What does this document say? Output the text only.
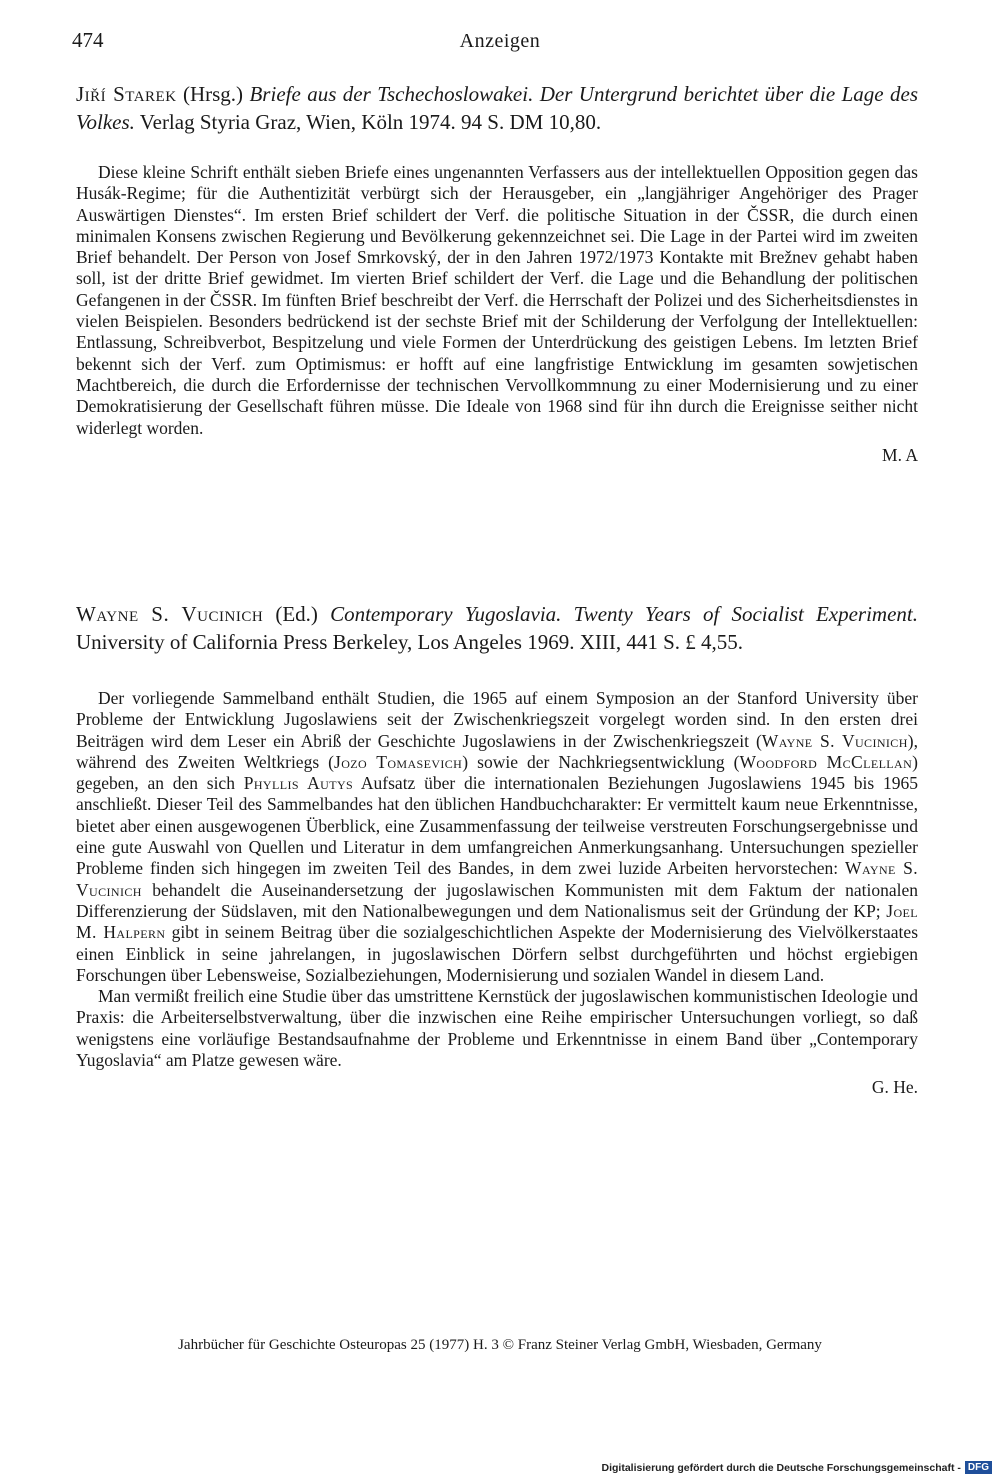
474	Anzeigen

Jiří Starek (Hrsg.) Briefe aus der Tschechoslowakei. Der Untergrund berichtet über die Lage des Volkes. Verlag Styria Graz, Wien, Köln 1974. 94 S. DM 10,80.

Diese kleine Schrift enthält sieben Briefe eines ungenannten Verfassers aus der intellektuellen Opposition gegen das Husák-Regime; für die Authentizität verbürgt sich der Herausgeber, ein „langjähriger Angehöriger des Prager Auswärtigen Dienstes“. Im ersten Brief schildert der Verf. die politische Situation in der ČSSR, die durch einen minimalen Konsens zwischen Regierung und Bevölkerung gekennzeichnet sei. Die Lage in der Partei wird im zweiten Brief behandelt. Der Person von Josef Smrkovský, der in den Jahren 1972/1973 Kontakte mit Brežnev gehabt haben soll, ist der dritte Brief gewidmet. Im vierten Brief schildert der Verf. die Lage und die Behandlung der politischen Gefangenen in der ČSSR. Im fünften Brief beschreibt der Verf. die Herrschaft der Polizei und des Sicherheitsdienstes in vielen Beispielen. Besonders bedrückend ist der sechste Brief mit der Schilderung der Verfolgung der Intellektuellen: Entlassung, Schreibverbot, Bespitzelung und viele Formen der Unterdrückung des geistigen Lebens. Im letzten Brief bekennt sich der Verf. zum Optimismus: er hofft auf eine langfristige Entwicklung im gesamten sowjetischen Machtbereich, die durch die Erfordernisse der technischen Vervollkommnung zu einer Modernisierung und zu einer Demokratisierung der Gesellschaft führen müsse. Die Ideale von 1968 sind für ihn durch die Ereignisse seither nicht widerlegt worden.

M. A

Wayne S. Vucinich (Ed.) Contemporary Yugoslavia. Twenty Years of Socialist Experiment. University of California Press Berkeley, Los Angeles 1969. XIII, 441 S. £ 4,55.

Der vorliegende Sammelband enthält Studien, die 1965 auf einem Symposion an der Stanford University über Probleme der Entwicklung Jugoslawiens seit der Zwischenkriegszeit vorgelegt worden sind. In den ersten drei Beiträgen wird dem Leser ein Abriß der Geschichte Jugoslawiens in der Zwischenkriegszeit (Wayne S. Vucinich), während des Zweiten Weltkriegs (Jozo Tomasevich) sowie der Nachkriegsentwicklung (Woodford McClellan) gegeben, an den sich Phyllis Autys Aufsatz über die internationalen Beziehungen Jugoslawiens 1945 bis 1965 anschließt. Dieser Teil des Sammelbandes hat den üblichen Handbuchcharakter: Er vermittelt kaum neue Erkenntnisse, bietet aber einen ausgewogenen Überblick, eine Zusammenfassung der teilweise verstreuten Forschungsergebnisse und eine gute Auswahl von Quellen und Literatur in dem umfangreichen Anmerkungsanhang. Untersuchungen spezieller Probleme finden sich hingegen im zweiten Teil des Bandes, in dem zwei luzide Arbeiten hervorstechen: Wayne S. Vucinich behandelt die Auseinandersetzung der jugoslawischen Kommunisten mit dem Faktum der nationalen Differenzierung der Südslaven, mit den Nationalbewegungen und dem Nationalismus seit der Gründung der KP; Joel M. Halpern gibt in seinem Beitrag über die sozialgeschichtlichen Aspekte der Modernisierung des Vielvölkerstaates einen Einblick in seine jahrelangen, in jugoslawischen Dörfern selbst durchgeführten und höchst ergiebigen Forschungen über Lebensweise, Sozialbeziehungen, Modernisierung und sozialen Wandel in diesem Land.

Man vermißt freilich eine Studie über das umstrittene Kernstück der jugoslawischen kommunistischen Ideologie und Praxis: die Arbeiterselbstverwaltung, über die inzwischen eine Reihe empirischer Untersuchungen vorliegt, so daß wenigstens eine vorläufige Bestandsaufnahme der Probleme und Erkenntnisse in einem Band über „Contemporary Yugoslavia“ am Platze gewesen wäre.

G. He.
Jahrbücher für Geschichte Osteuropas 25 (1977) H. 3 © Franz Steiner Verlag GmbH, Wiesbaden, Germany
Digitalisierung gefördert durch die Deutsche Forschungsgemeinschaft - DFG
